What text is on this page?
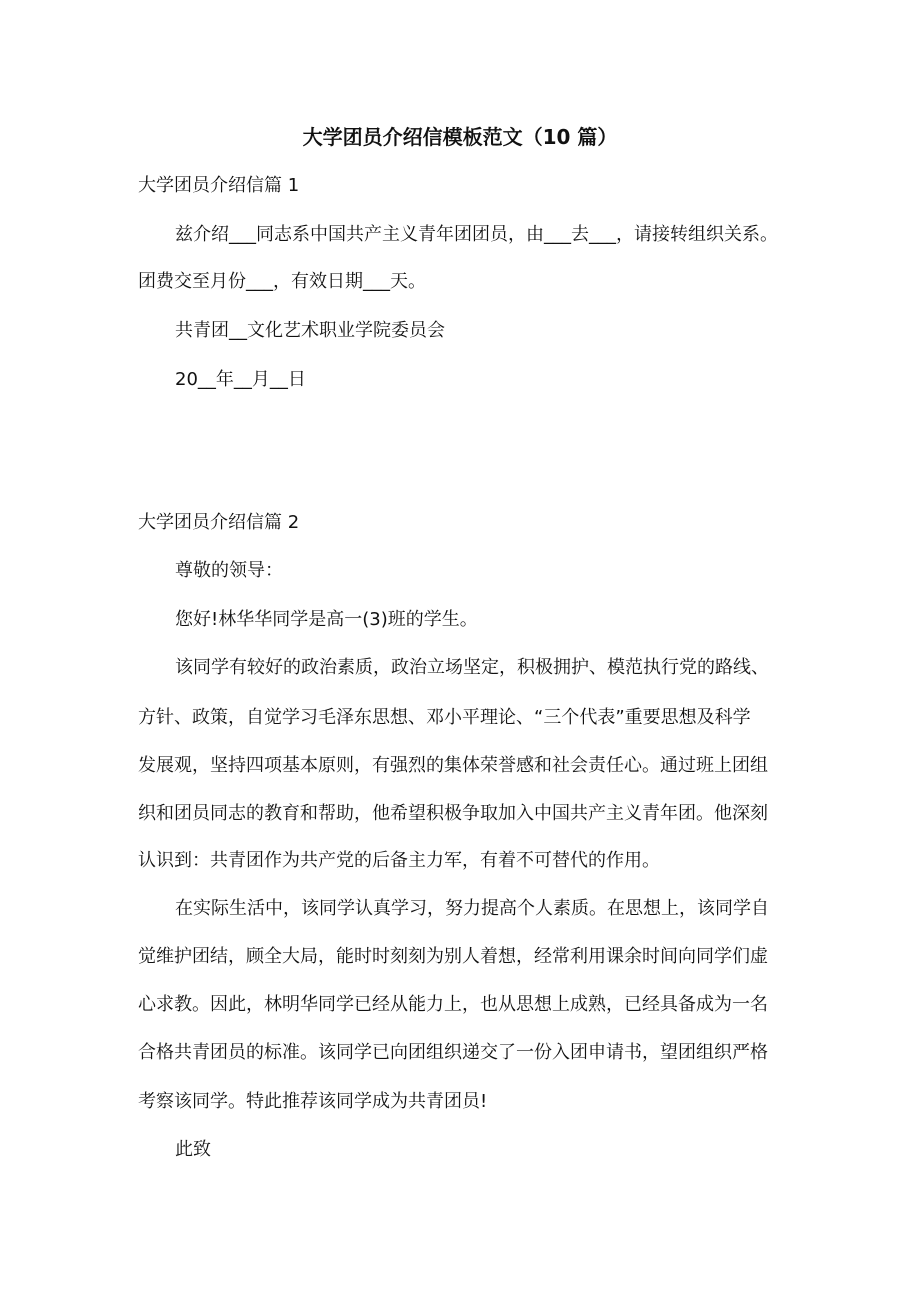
大学团员介绍信模板范文（10 篇）
大学团员介绍信篇 1
兹介绍___同志系中国共产主义青年团团员，由___去___，请接转组织关系。
团费交至月份___，有效日期___天。
共青团__文化艺术职业学院委员会
20__年__月__日
大学团员介绍信篇 2
尊敬的领导：
您好!林华华同学是高一(3)班的学生。
该同学有较好的政治素质，政治立场坚定，积极拥护、模范执行党的路线、
方针、政策，自觉学习毛泽东思想、邓小平理论、“三个代表”重要思想及科学
发展观，坚持四项基本原则，有强烈的集体荣誉感和社会责任心。通过班上团组
织和团员同志的教育和帮助，他希望积极争取加入中国共产主义青年团。他深刻
认识到：共青团作为共产党的后备主力军，有着不可替代的作用。
在实际生活中，该同学认真学习，努力提高个人素质。在思想上，该同学自
觉维护团结，顾全大局，能时时刻刻为别人着想，经常利用课余时间向同学们虚
心求教。因此，林明华同学已经从能力上，也从思想上成熟，已经具备成为一名
合格共青团员的标准。该同学已向团组织递交了一份入团申请书，望团组织严格
考察该同学。特此推荐该同学成为共青团员!
此致
